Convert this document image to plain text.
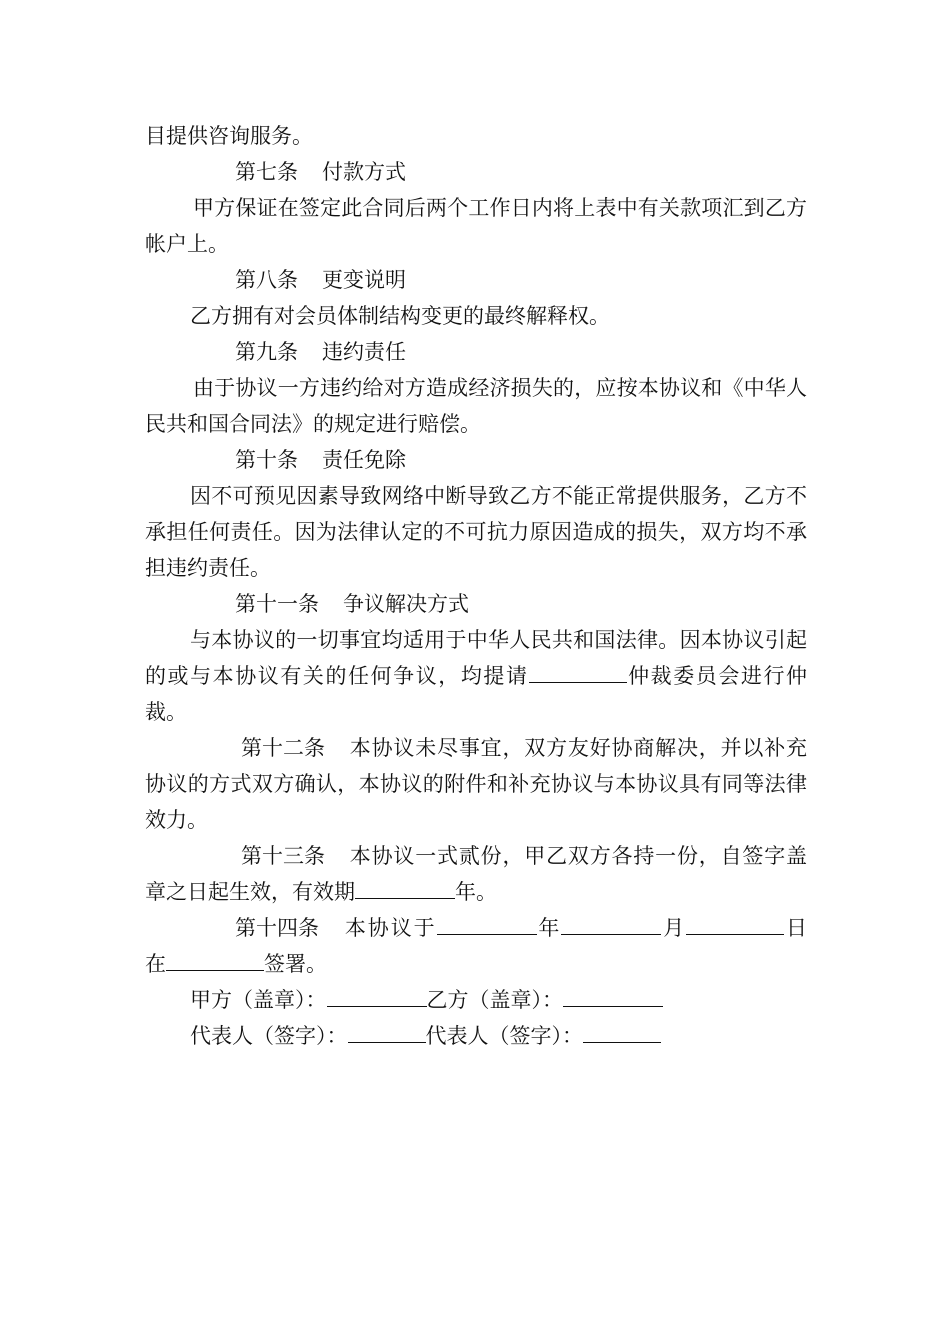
目提供咨询服务。
第七条 付款方式

甲方保证在签定此合同后两个工作日内将上表中有关款项汇到乙方帐户上。

第八条 更变说明

乙方拥有对会员体制结构变更的最终解释权。

第九条 违约责任

由于协议一方违约给对方造成经济损失的，应按本协议和《中华人民共和国合同法》的规定进行赔偿。

第十条 责任免除

因不可预见因素导致网络中断导致乙方不能正常提供服务，乙方不承担任何责任。因为法律认定的不可抗力原因造成的损失，双方均不承担违约责任。

第十一条 争议解决方式

与本协议的一切事宜均适用于中华人民共和国法律。因本协议引起的或与本协议有关的任何争议，均提请	仲裁委员会进行仲裁。

第十二条 本协议未尽事宜，双方友好协商解决，并以补充协议的方式双方确认，本协议的附件和补充协议与本协议具有同等法律效力。

第十三条 本协议一式贰份，甲乙双方各持一份，自签字盖章之日起生效，有效期	年。

第十四条 本协议于	年	月	日在	签署。

甲方（盖章）：	乙方（盖章）：
代表人（签字）：	代表人（签字）：
